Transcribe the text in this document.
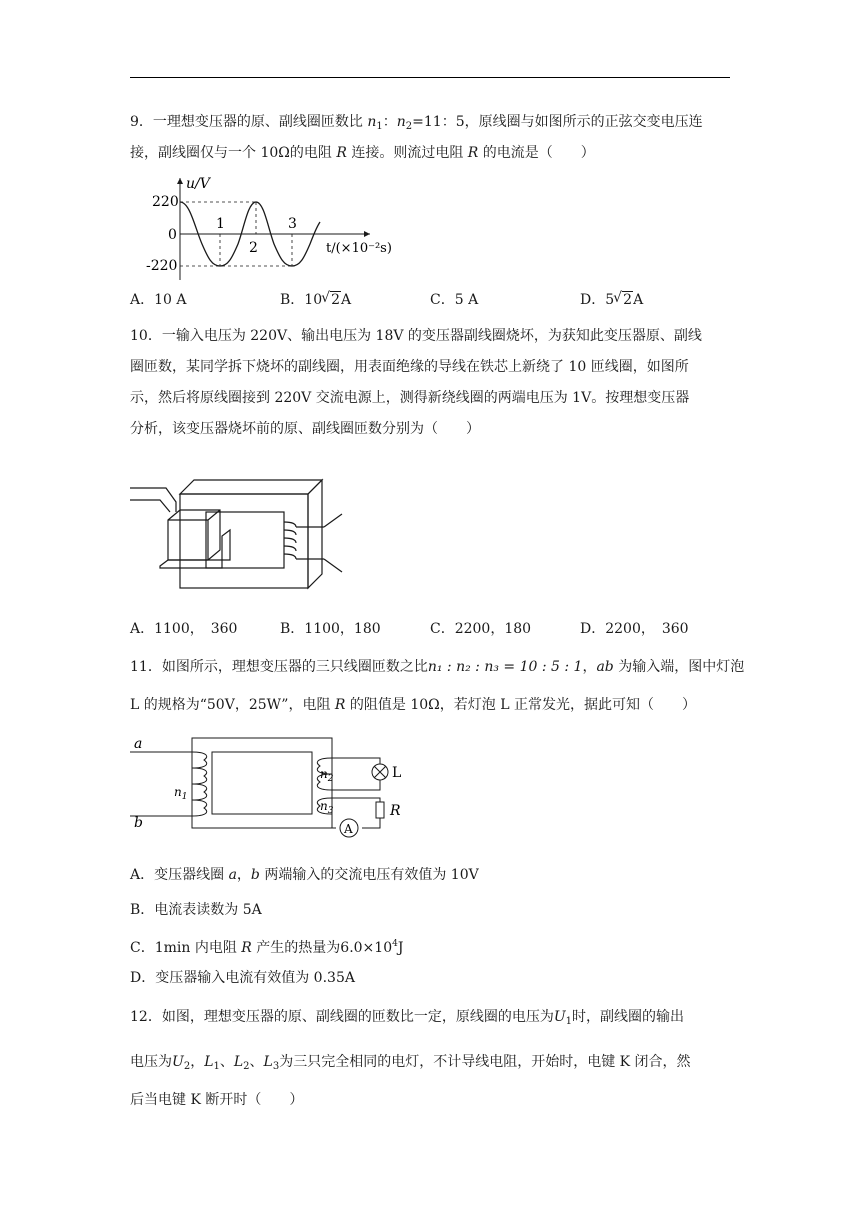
9．一理想变压器的原、副线圈匝数比 $n_1$：$n_2=11$：5，原线圈与如图所示的正弦交变电压连
接，副线圈仅与一个 10Ω的电阻 R 连接。则流过电阻 R 的电流是（　　）
u/V
t/(×10⁻²s)
220
0
-220
1
2
3
A．10 A	B．10 √ 2A	C．5 A	D．5 √ 2A
10．一输入电压为 220V、输出电压为 18V 的变压器副线圈烧坏，为获知此变压器原、副线
圈匝数，某同学拆下烧坏的副线圈，用表面绝缘的导线在铁芯上新绕了 10 匝线圈，如图所
示，然后将原线圈接到 220V 交流电源上，测得新绕线圈的两端电压为 1V。按理想变压器
分析，该变压器烧坏前的原、副线圈匝数分别为（　　）
A．1100，　360	B．1100，180	C．2200，180	D．2200，　360
11．如图所示，理想变压器的三只线圈匝数之比n₁ : n₂ : n₃ = 10 : 5 : 1，ab 为输入端，图中灯泡
L 的规格为“50V，25W”，电阻 R 的阻值是 10Ω，若灯泡 L 正常发光，据此可知（　　）
a
b
$n_1$
$n_2$
$n_3$
L
R
A
A．变压器线圈 a，b 两端输入的交流电压有效值为 10V
B．电流表读数为 5A
C．1min 内电阻 R 产生的热量为$6.0\times 10^4J$
D．变压器输入电流有效值为 0.35A
12．如图，理想变压器的原、副线圈的匝数比一定，原线圈的电压为$U_1$时，副线圈的输出
电压为$U_2$，$L_1$、$L_2$、$L_3$为三只完全相同的电灯，不计导线电阻，开始时，电键 K 闭合，然
后当电键 K 断开时（　　）
